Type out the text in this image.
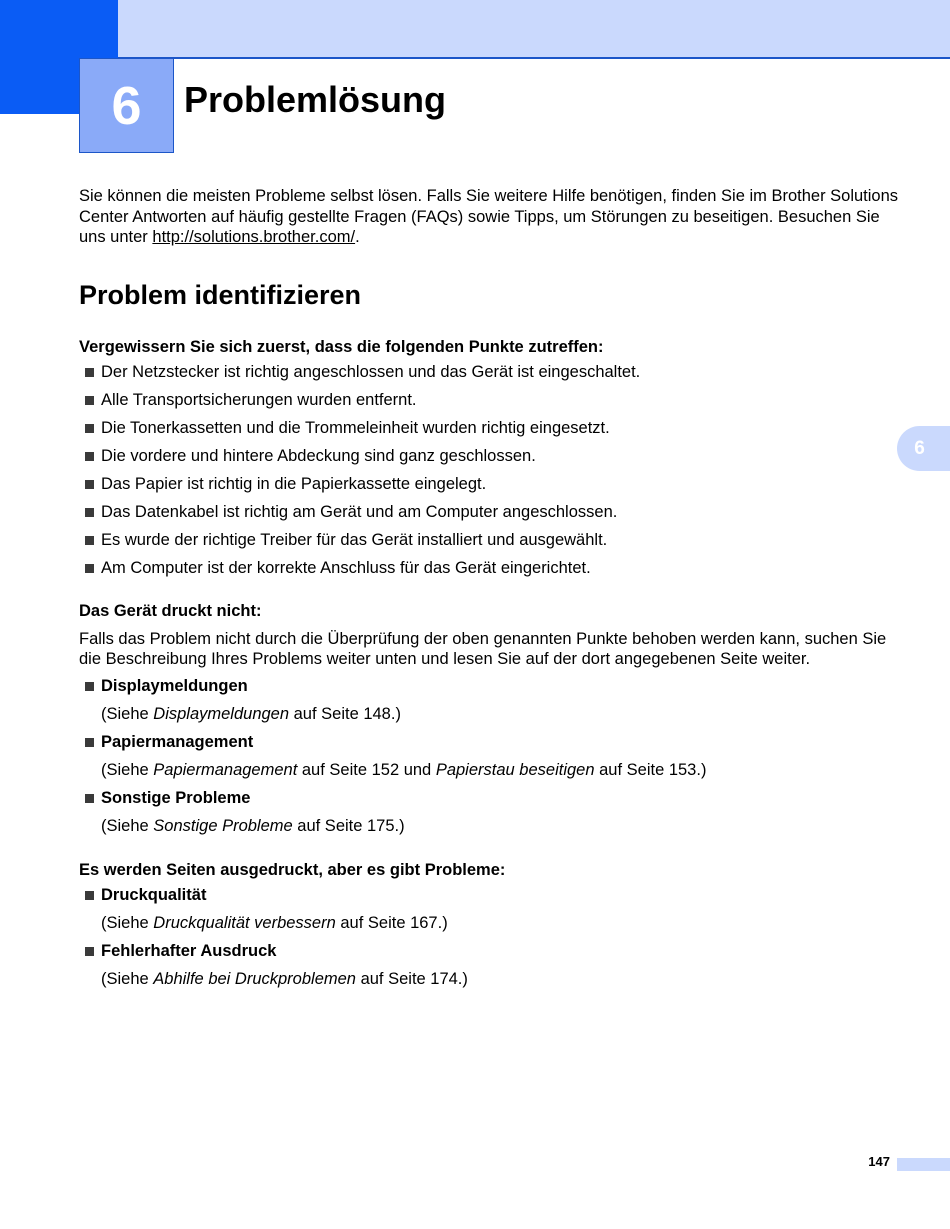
6 Problemlösung
6

Sie können die meisten Probleme selbst lösen. Falls Sie weitere Hilfe benötigen, finden Sie im Brother Solutions Center Antworten auf häufig gestellte Fragen (FAQs) sowie Tipps, um Störungen zu beseitigen. Besuchen Sie uns unter http://solutions.brother.com/.

Problem identifizieren

Vergewissern Sie sich zuerst, dass die folgenden Punkte zutreffen:

Der Netzstecker ist richtig angeschlossen und das Gerät ist eingeschaltet.
Alle Transportsicherungen wurden entfernt.
Die Tonerkassetten und die Trommeleinheit wurden richtig eingesetzt.
Die vordere und hintere Abdeckung sind ganz geschlossen.
Das Papier ist richtig in die Papierkassette eingelegt.
Das Datenkabel ist richtig am Gerät und am Computer angeschlossen.
Es wurde der richtige Treiber für das Gerät installiert und ausgewählt.
Am Computer ist der korrekte Anschluss für das Gerät eingerichtet.

Das Gerät druckt nicht:

Falls das Problem nicht durch die Überprüfung der oben genannten Punkte behoben werden kann, suchen Sie die Beschreibung Ihres Problems weiter unten und lesen Sie auf der dort angegebenen Seite weiter.

Displaymeldungen
(Siehe Displaymeldungen auf Seite 148.)
Papiermanagement
(Siehe Papiermanagement auf Seite 152 und Papierstau beseitigen auf Seite 153.)
Sonstige Probleme
(Siehe Sonstige Probleme auf Seite 175.)

Es werden Seiten ausgedruckt, aber es gibt Probleme:

Druckqualität
(Siehe Druckqualität verbessern auf Seite 167.)
Fehlerhafter Ausdruck
(Siehe Abhilfe bei Druckproblemen auf Seite 174.)
147
